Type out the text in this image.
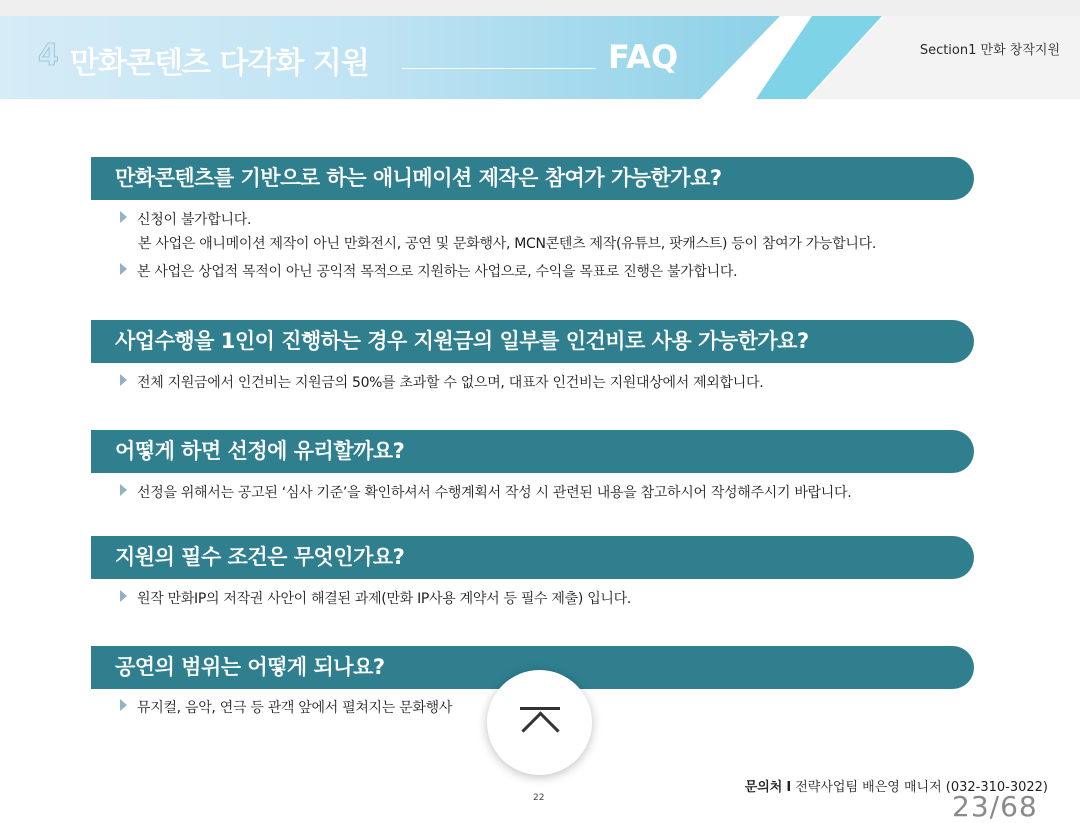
4 만화콘텐츠 다각화 지원	FAQ	Section1 만화 창작지원
만화콘텐츠를 기반으로 하는 애니메이션 제작은 참여가 가능한가요?
신청이 불가합니다.
본 사업은 애니메이션 제작이 아닌 만화전시, 공연 및 문화행사, MCN콘텐츠 제작(유튜브, 팟캐스트) 등이 참여가 가능합니다.
본 사업은 상업적 목적이 아닌 공익적 목적으로 지원하는 사업으로, 수익을 목표로 진행은 불가합니다.
사업수행을 1인이 진행하는 경우 지원금의 일부를 인건비로 사용 가능한가요?
전체 지원금에서 인건비는 지원금의 50%를 초과할 수 없으며, 대표자 인건비는 지원대상에서 제외합니다.
어떻게 하면 선정에 유리할까요?
선정을 위해서는 공고된 ‘심사 기준’을 확인하셔서 수행계획서 작성 시 관련된 내용을 참고하시어 작성해주시기 바랍니다.
지원의 필수 조건은 무엇인가요?
원작 만화IP의 저작권 사안이 해결된 과제(만화 IP사용 계약서 등 필수 제출) 입니다.
공연의 범위는 어떻게 되나요?
뮤지컬, 음악, 연극 등 관객 앞에서 펼쳐지는 문화행사
22
문의처 I 전략사업팀 배은영 매니저 (032-310-3022)
23/68
